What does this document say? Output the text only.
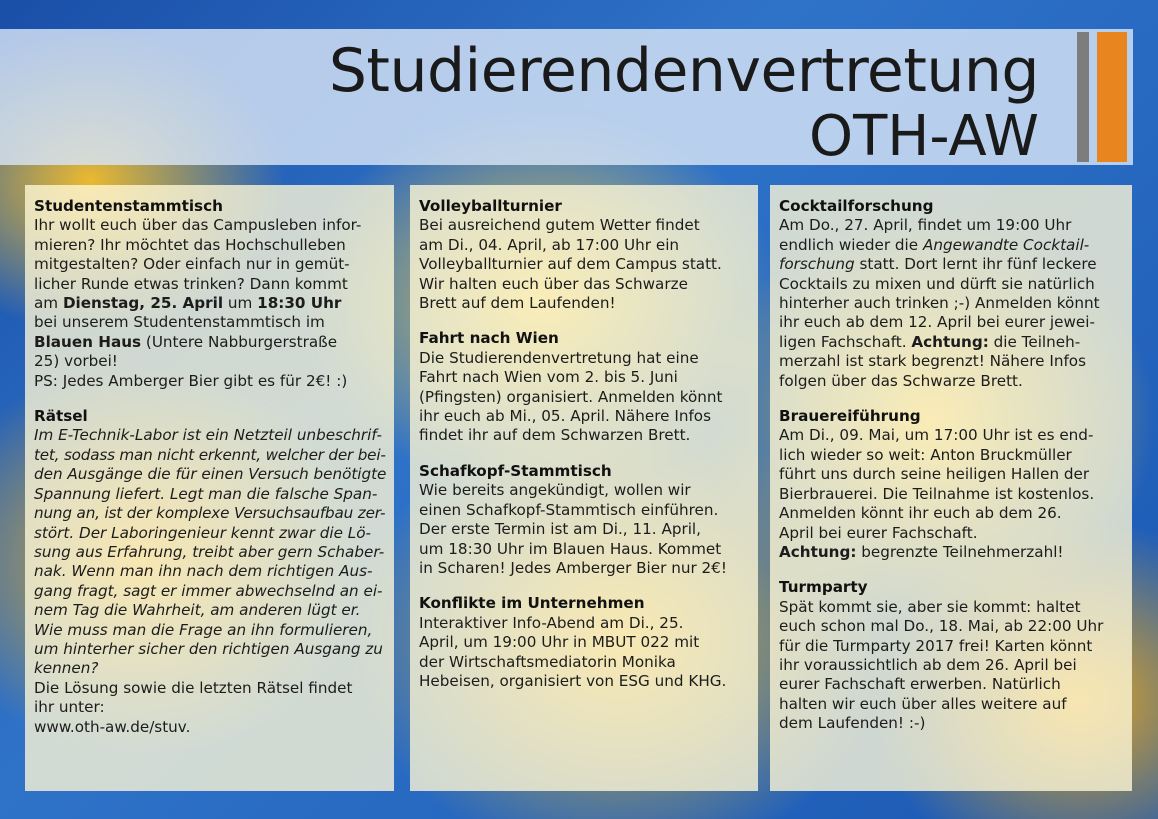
Studierendenvertretung
OTH-AW
Studentenstammtisch

Ihr wollt euch über das Campusleben infor-
mieren? Ihr möchtet das Hochschulleben
mitgestalten? Oder einfach nur in gemüt-
licher Runde etwas trinken? Dann kommt
am Dienstag, 25. April um 18:30 Uhr
bei unserem Studentenstammtisch im
Blauen Haus (Untere Nabburgerstraße
25) vorbei!
PS: Jedes Amberger Bier gibt es für 2€! :)

Rätsel

Im E-Technik-Labor ist ein Netzteil unbeschrif-
tet, sodass man nicht erkennt, welcher der bei-
den Ausgänge die für einen Versuch benötigte
Spannung liefert. Legt man die falsche Span-
nung an, ist der komplexe Versuchsaufbau zer-
stört. Der Laboringenieur kennt zwar die Lö-
sung aus Erfahrung, treibt aber gern Schaber-
nak. Wenn man ihn nach dem richtigen Aus-
gang fragt, sagt er immer abwechselnd an ei-
nem Tag die Wahrheit, am anderen lügt er.
Wie muss man die Frage an ihn formulieren,
um hinterher sicher den richtigen Ausgang zu
kennen?
Die Lösung sowie die letzten Rätsel findet
ihr unter:
www.oth-aw.de/stuv.

Volleyballturnier

Bei ausreichend gutem Wetter findet
am Di., 04. April, ab 17:00 Uhr ein
Volleyballturnier auf dem Campus statt.
Wir halten euch über das Schwarze
Brett auf dem Laufenden!

Fahrt nach Wien

Die Studierendenvertretung hat eine
Fahrt nach Wien vom 2. bis 5. Juni
(Pfingsten) organisiert. Anmelden könnt
ihr euch ab Mi., 05. April. Nähere Infos
findet ihr auf dem Schwarzen Brett.

Schafkopf-Stammtisch

Wie bereits angekündigt, wollen wir
einen Schafkopf-Stammtisch einführen.
Der erste Termin ist am Di., 11. April,
um 18:30 Uhr im Blauen Haus. Kommet
in Scharen! Jedes Amberger Bier nur 2€!

Konflikte im Unternehmen

Interaktiver Info-Abend am Di., 25.
April, um 19:00 Uhr in MBUT 022 mit
der Wirtschaftsmediatorin Monika
Hebeisen, organisiert von ESG und KHG.

Cocktailforschung

Am Do., 27. April, findet um 19:00 Uhr
endlich wieder die Angewandte Cocktail-
forschung statt. Dort lernt ihr fünf leckere
Cocktails zu mixen und dürft sie natürlich
hinterher auch trinken ;-) Anmelden könnt
ihr euch ab dem 12. April bei eurer jewei-
ligen Fachschaft. Achtung: die Teilneh-
merzahl ist stark begrenzt! Nähere Infos
folgen über das Schwarze Brett.

Brauereiführung

Am Di., 09. Mai, um 17:00 Uhr ist es end-
lich wieder so weit: Anton Bruckmüller
führt uns durch seine heiligen Hallen der
Bierbrauerei. Die Teilnahme ist kostenlos.
Anmelden könnt ihr euch ab dem 26.
April bei eurer Fachschaft.
Achtung: begrenzte Teilnehmerzahl!

Turmparty

Spät kommt sie, aber sie kommt: haltet
euch schon mal Do., 18. Mai, ab 22:00 Uhr
für die Turmparty 2017 frei! Karten könnt
ihr voraussichtlich ab dem 26. April bei
eurer Fachschaft erwerben. Natürlich
halten wir euch über alles weitere auf
dem Laufenden! :-)
